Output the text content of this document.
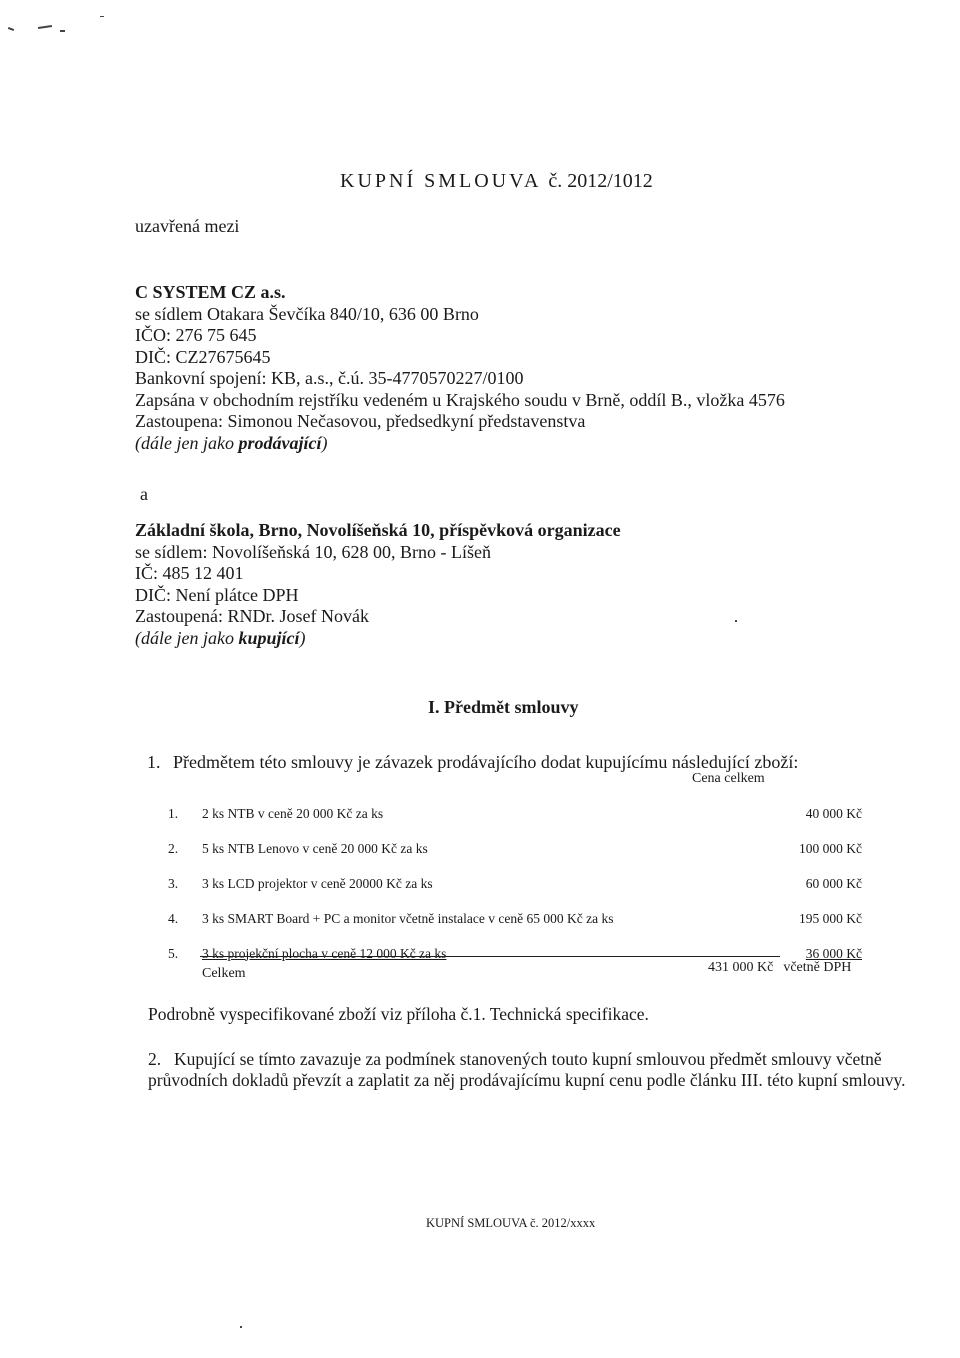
KUPNÍ SMLOUVA č. 2012/1012
uzavřená mezi
C SYSTEM CZ a.s.
se sídlem Otakara Ševčíka 840/10, 636 00 Brno
IČO: 276 75 645
DIČ: CZ27675645
Bankovní spojení: KB, a.s., č.ú. 35-4770570227/0100
Zapsána v obchodním rejstříku vedeném u Krajského soudu v Brně, oddíl B., vložka 4576
Zastoupena: Simonou Nečasovou, předsedkyní představenstva
(dále jen jako prodávající)
a
Základní škola, Brno, Novolíšeňská 10, příspěvková organizace
se sídlem: Novolíšeňská 10, 628 00, Brno - Líšeň
IČ: 485 12 401
DIČ: Není plátce DPH
Zastoupená: RNDr. Josef Novák
(dále jen jako kupující)
I. Předmět smlouvy
1. Předmětem této smlouvy je závazek prodávajícího dodat kupujícímu následující zboží:
Cena celkem
1.	2 ks NTB v ceně 20 000 Kč za ks	40 000 Kč
2.	5 ks NTB Lenovo v ceně 20 000 Kč za ks	100 000 Kč
3.	3 ks LCD projektor v ceně 20000 Kč za ks	60 000 Kč
4.	3 ks SMART Board + PC a monitor včetně instalace v ceně 65 000 Kč za ks	195 000 Kč
5.	3 ks projekční plocha v ceně 12 000 Kč za ks	36 000 Kč
Celkem	431 000 Kč včetně DPH
Podrobně vyspecifikované zboží viz příloha č.1. Technická specifikace.
2. Kupující se tímto zavazuje za podmínek stanovených touto kupní smlouvou předmět smlouvy včetně průvodních dokladů převzít a zaplatit za něj prodávajícímu kupní cenu podle článku III. této kupní smlouvy.
KUPNÍ SMLOUVA č. 2012/xxxx
